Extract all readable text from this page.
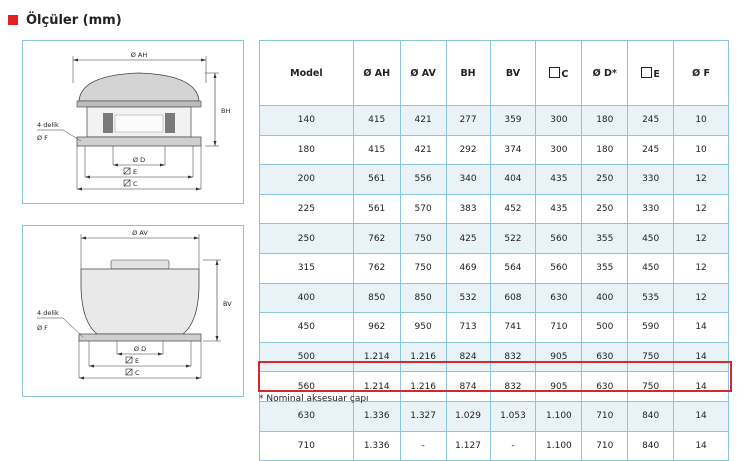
Ölçüler (mm)
Ø AH
BH
4 delik
Ø F
Ø D
E
C
Ø AV
BV
4 delik
Ø F
Ø D
E
C
Model	Ø AH	Ø AV	BH	BV	C	Ø D*	E	Ø F
140	415	421	277	359	300	180	245	10
180	415	421	292	374	300	180	245	10
200	561	556	340	404	435	250	330	12
225	561	570	383	452	435	250	330	12
250	762	750	425	522	560	355	450	12
315	762	750	469	564	560	355	450	12
400	850	850	532	608	630	400	535	12
450	962	950	713	741	710	500	590	14
500	1.214	1.216	824	832	905	630	750	14
560	1.214	1.216	874	832	905	630	750	14
630	1.336	1.327	1.029	1.053	1.100	710	840	14
710	1.336	-	1.127	-	1.100	710	840	14
* Nominal aksesuar çapı
